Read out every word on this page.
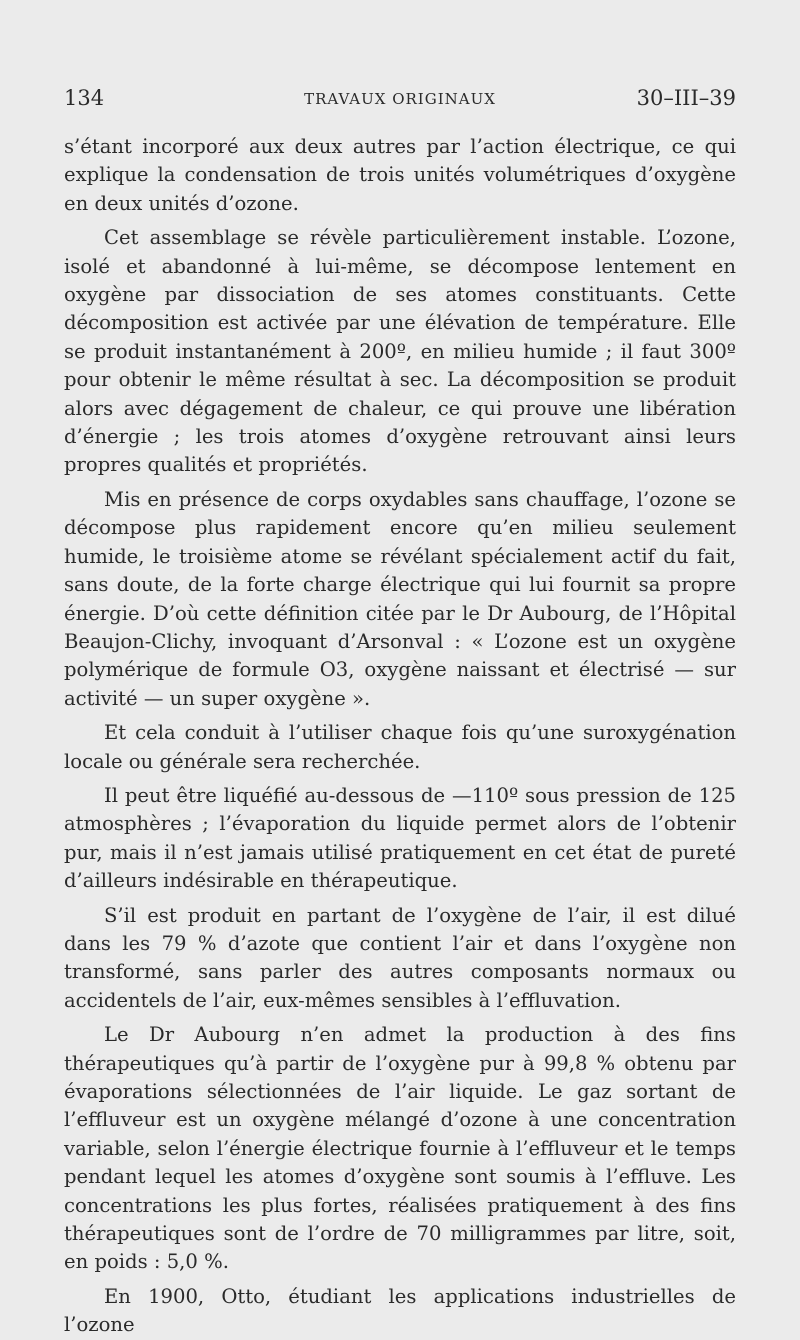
134	TRAVAUX ORIGINAUX	30–III–39

s’étant incorporé aux deux autres par l’action électrique, ce qui explique la condensation de trois unités volumétriques d’oxygène en deux unités d’ozone.

Cet assemblage se révèle particulièrement instable. L’ozone, isolé et abandonné à lui-même, se décompose lentement en oxygène par dissociation de ses atomes constituants. Cette décomposition est activée par une élévation de température. Elle se produit instantanément à 200º, en milieu humide ; il faut 300º pour obtenir le même résultat à sec. La décomposition se produit alors avec dégagement de chaleur, ce qui prouve une libération d’énergie ; les trois atomes d’oxygène retrouvant ainsi leurs propres qualités et propriétés.

Mis en présence de corps oxydables sans chauffage, l’ozone se décompose plus rapidement encore qu’en milieu seulement humide, le troisième atome se révélant spécialement actif du fait, sans doute, de la forte charge électrique qui lui fournit sa propre énergie. D’où cette définition citée par le Dr Aubourg, de l’Hôpital Beaujon-Clichy, invoquant d’Arsonval : « L’ozone est un oxygène polymérique de formule O3, oxygène naissant et électrisé — sur activité — un super oxygène ».

Et cela conduit à l’utiliser chaque fois qu’une suroxygénation locale ou générale sera recherchée.

Il peut être liquéfié au-dessous de —110º sous pression de 125 atmosphères ; l’évaporation du liquide permet alors de l’obtenir pur, mais il n’est jamais utilisé pratiquement en cet état de pureté d’ailleurs indésirable en thérapeutique.

S’il est produit en partant de l’oxygène de l’air, il est dilué dans les 79 % d’azote que contient l’air et dans l’oxygène non transformé, sans parler des autres composants normaux ou accidentels de l’air, eux-mêmes sensibles à l’effluvation.

Le Dr Aubourg n’en admet la production à des fins thérapeutiques qu’à partir de l’oxygène pur à 99,8 % obtenu par évaporations sélectionnées de l’air liquide. Le gaz sortant de l’effluveur est un oxygène mélangé d’ozone à une concentration variable, selon l’énergie électrique fournie à l’effluveur et le temps pendant lequel les atomes d’oxygène sont soumis à l’effluve. Les concentrations les plus fortes, réalisées pratiquement à des fins thérapeutiques sont de l’ordre de 70 milligrammes par litre, soit, en poids : 5,0 %.

En 1900, Otto, étudiant les applications industrielles de l’ozone
